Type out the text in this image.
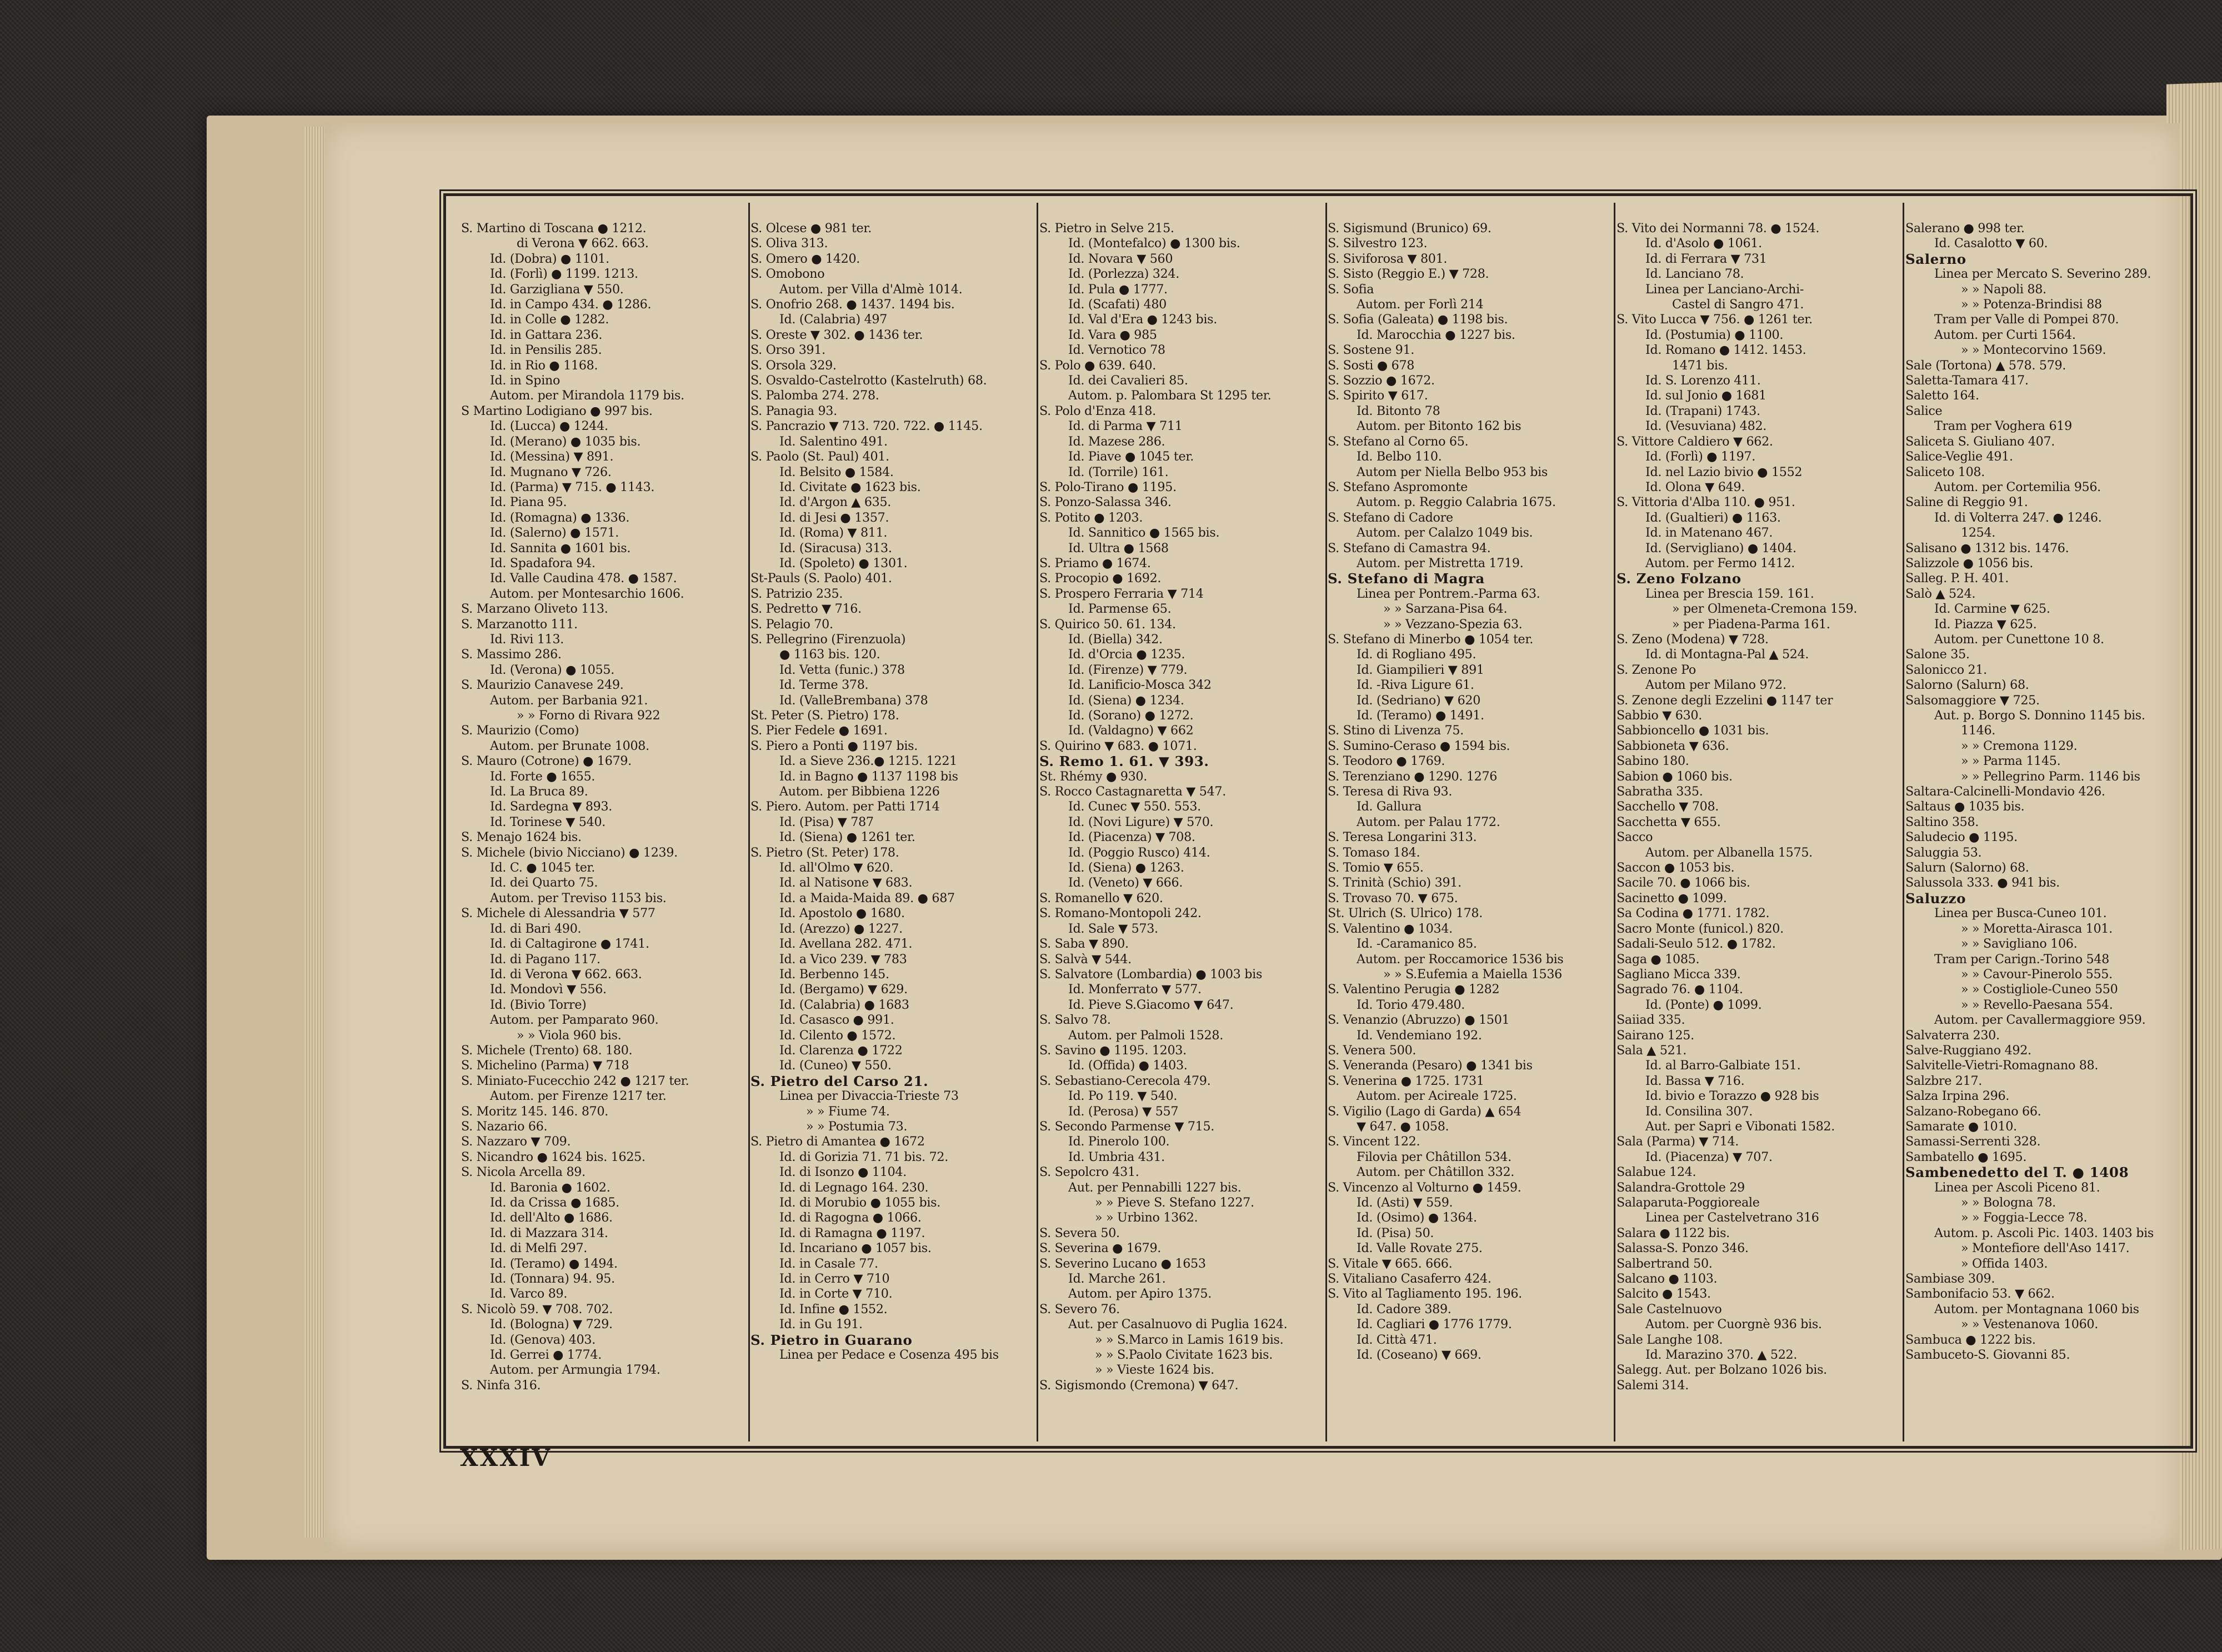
S. Martino di Toscana ● 1212.
di Verona ▼ 662. 663.
Id. (Dobra) ● 1101.
Id. (Forlì) ● 1199. 1213.
Id. Garzigliana ▼ 550.
Id. in Campo 434. ● 1286.
Id. in Colle ● 1282.
Id. in Gattara 236.
Id. in Pensilis 285.
Id. in Rio ● 1168.
Id. in Spino
Autom. per Mirandola 1179 bis.
S Martino Lodigiano ● 997 bis.
Id. (Lucca) ● 1244.
Id. (Merano) ● 1035 bis.
Id. (Messina) ▼ 891.
Id. Mugnano ▼ 726.
Id. (Parma) ▼ 715. ● 1143.
Id. Piana 95.
Id. (Romagna) ● 1336.
Id. (Salerno) ● 1571.
Id. Sannita ● 1601 bis.
Id. Spadafora 94.
Id. Valle Caudina 478. ● 1587.
Autom. per Montesarchio 1606.
S. Marzano Oliveto 113.
S. Marzanotto 111.
Id. Rivi 113.
S. Massimo 286.
Id. (Verona) ● 1055.
S. Maurizio Canavese 249.
Autom. per Barbania 921.
» » Forno di Rivara 922
S. Maurizio (Como)
Autom. per Brunate 1008.
S. Mauro (Cotrone) ● 1679.
Id. Forte ● 1655.
Id. La Bruca 89.
Id. Sardegna ▼ 893.
Id. Torinese ▼ 540.
S. Menajo 1624 bis.
S. Michele (bivio Nicciano) ● 1239.
Id. C. ● 1045 ter.
Id. dei Quarto 75.
Autom. per Treviso 1153 bis.
S. Michele di Alessandria ▼ 577
Id. di Bari 490.
Id. di Caltagirone ● 1741.
Id. di Pagano 117.
Id. di Verona ▼ 662. 663.
Id. Mondovì ▼ 556.
Id. (Bivio Torre)
Autom. per Pamparato 960.
» » Viola 960 bis.
S. Michele (Trento) 68. 180.
S. Michelino (Parma) ▼ 718
S. Miniato-Fucecchio 242 ● 1217 ter.
Autom. per Firenze 1217 ter.
S. Moritz 145. 146. 870.
S. Nazario 66.
S. Nazzaro ▼ 709.
S. Nicandro ● 1624 bis. 1625.
S. Nicola Arcella 89.
Id. Baronia ● 1602.
Id. da Crissa ● 1685.
Id. dell'Alto ● 1686.
Id. di Mazzara 314.
Id. di Melfi 297.
Id. (Teramo) ● 1494.
Id. (Tonnara) 94. 95.
Id. Varco 89.
S. Nicolò 59. ▼ 708. 702.
Id. (Bologna) ▼ 729.
Id. (Genova) 403.
Id. Gerrei ● 1774.
Autom. per Armungia 1794.
S. Ninfa 316.
S. Olcese ● 981 ter.
S. Oliva 313.
S. Omero ● 1420.
S. Omobono
Autom. per Villa d'Almè 1014.
S. Onofrio 268. ● 1437. 1494 bis.
Id. (Calabria) 497
S. Oreste ▼ 302. ● 1436 ter.
S. Orso 391.
S. Orsola 329.
S. Osvaldo-Castelrotto (Kastelruth) 68.
S. Palomba 274. 278.
S. Panagia 93.
S. Pancrazio ▼ 713. 720. 722. ● 1145.
Id. Salentino 491.
S. Paolo (St. Paul) 401.
Id. Belsito ● 1584.
Id. Civitate ● 1623 bis.
Id. d'Argon ▲ 635.
Id. di Jesi ● 1357.
Id. (Roma) ▼ 811.
Id. (Siracusa) 313.
Id. (Spoleto) ● 1301.
St-Pauls (S. Paolo) 401.
S. Patrizio 235.
S. Pedretto ▼ 716.
S. Pelagio 70.
S. Pellegrino (Firenzuola)
● 1163 bis. 120.
Id. Vetta (funic.) 378
Id. Terme 378.
Id. (ValleBrembana) 378
St. Peter (S. Pietro) 178.
S. Pier Fedele ● 1691.
S. Piero a Ponti ● 1197 bis.
Id. a Sieve 236.● 1215. 1221
Id. in Bagno ● 1137 1198 bis
Autom. per Bibbiena 1226
S. Piero. Autom. per Patti 1714
Id. (Pisa) ▼ 787
Id. (Siena) ● 1261 ter.
S. Pietro (St. Peter) 178.
Id. all'Olmo ▼ 620.
Id. al Natisone ▼ 683.
Id. a Maida-Maida 89. ● 687
Id. Apostolo ● 1680.
Id. (Arezzo) ● 1227.
Id. Avellana 282. 471.
Id. a Vico 239. ▼ 783
Id. Berbenno 145.
Id. (Bergamo) ▼ 629.
Id. (Calabria) ● 1683
Id. Casasco ● 991.
Id. Cilento ● 1572.
Id. Clarenza ● 1722
Id. (Cuneo) ▼ 550.
S. Pietro del Carso 21.
Linea per Divaccia-Trieste 73
» » Fiume 74.
» » Postumia 73.
S. Pietro di Amantea ● 1672
Id. di Gorizia 71. 71 bis. 72.
Id. di Isonzo ● 1104.
Id. di Legnago 164. 230.
Id. di Morubio ● 1055 bis.
Id. di Ragogna ● 1066.
Id. di Ramagna ● 1197.
Id. Incariano ● 1057 bis.
Id. in Casale 77.
Id. in Cerro ▼ 710
Id. in Corte ▼ 710.
Id. Infine ● 1552.
Id. in Gu 191.
S. Pietro in Guarano
Linea per Pedace e Cosenza 495 bis
S. Pietro in Selve 215.
Id. (Montefalco) ● 1300 bis.
Id. Novara ▼ 560
Id. (Porlezza) 324.
Id. Pula ● 1777.
Id. (Scafati) 480
Id. Val d'Era ● 1243 bis.
Id. Vara ● 985
Id. Vernotico 78
S. Polo ● 639. 640.
Id. dei Cavalieri 85.
Autom. p. Palombara St 1295 ter.
S. Polo d'Enza 418.
Id. di Parma ▼ 711
Id. Mazese 286.
Id. Piave ● 1045 ter.
Id. (Torrile) 161.
S. Polo-Tirano ● 1195.
S. Ponzo-Salassa 346.
S. Potito ● 1203.
Id. Sannitico ● 1565 bis.
Id. Ultra ● 1568
S. Priamo ● 1674.
S. Procopio ● 1692.
S. Prospero Ferraria ▼ 714
Id. Parmense 65.
S. Quirico 50. 61. 134.
Id. (Biella) 342.
Id. d'Orcia ● 1235.
Id. (Firenze) ▼ 779.
Id. Lanificio-Mosca 342
Id. (Siena) ● 1234.
Id. (Sorano) ● 1272.
Id. (Valdagno) ▼ 662
S. Quirino ▼ 683. ● 1071.
S. Remo 1. 61. ▼ 393.
St. Rhémy ● 930.
S. Rocco Castagnaretta ▼ 547.
Id. Cunec ▼ 550. 553.
Id. (Novi Ligure) ▼ 570.
Id. (Piacenza) ▼ 708.
Id. (Poggio Rusco) 414.
Id. (Siena) ● 1263.
Id. (Veneto) ▼ 666.
S. Romanello ▼ 620.
S. Romano-Montopoli 242.
Id. Sale ▼ 573.
S. Saba ▼ 890.
S. Salvà ▼ 544.
S. Salvatore (Lombardia) ● 1003 bis
Id. Monferrato ▼ 577.
Id. Pieve S.Giacomo ▼ 647.
S. Salvo 78.
Autom. per Palmoli 1528.
S. Savino ● 1195. 1203.
Id. (Offida) ● 1403.
S. Sebastiano-Cerecola 479.
Id. Po 119. ▼ 540.
Id. (Perosa) ▼ 557
S. Secondo Parmense ▼ 715.
Id. Pinerolo 100.
Id. Umbria 431.
S. Sepolcro 431.
Aut. per Pennabilli 1227 bis.
» » Pieve S. Stefano 1227.
» » Urbino 1362.
S. Severa 50.
S. Severina ● 1679.
S. Severino Lucano ● 1653
Id. Marche 261.
Autom. per Apiro 1375.
S. Severo 76.
Aut. per Casalnuovo di Puglia 1624.
» » S.Marco in Lamis 1619 bis.
» » S.Paolo Civitate 1623 bis.
» » Vieste 1624 bis.
S. Sigismondo (Cremona) ▼ 647.
S. Sigismund (Brunico) 69.
S. Silvestro 123.
S. Siviforosa ▼ 801.
S. Sisto (Reggio E.) ▼ 728.
S. Sofia
Autom. per Forlì 214
S. Sofia (Galeata) ● 1198 bis.
Id. Marocchia ● 1227 bis.
S. Sostene 91.
S. Sosti ● 678
S. Sozzio ● 1672.
S. Spirito ▼ 617.
Id. Bitonto 78
Autom. per Bitonto 162 bis
S. Stefano al Corno 65.
Id. Belbo 110.
Autom per Niella Belbo 953 bis
S. Stefano Aspromonte
Autom. p. Reggio Calabria 1675.
S. Stefano di Cadore
Autom. per Calalzo 1049 bis.
S. Stefano di Camastra 94.
Autom. per Mistretta 1719.
S. Stefano di Magra
Linea per Pontrem.-Parma 63.
» » Sarzana-Pisa 64.
» » Vezzano-Spezia 63.
S. Stefano di Minerbo ● 1054 ter.
Id. di Rogliano 495.
Id. Giampilieri ▼ 891
Id. -Riva Ligure 61.
Id. (Sedriano) ▼ 620
Id. (Teramo) ● 1491.
S. Stino di Livenza 75.
S. Sumino-Ceraso ● 1594 bis.
S. Teodoro ● 1769.
S. Terenziano ● 1290. 1276
S. Teresa di Riva 93.
Id. Gallura
Autom. per Palau 1772.
S. Teresa Longarini 313.
S. Tomaso 184.
S. Tomio ▼ 655.
S. Trinità (Schio) 391.
S. Trovaso 70. ▼ 675.
St. Ulrich (S. Ulrico) 178.
S. Valentino ● 1034.
Id. -Caramanico 85.
Autom. per Roccamorice 1536 bis
» » S.Eufemia a Maiella 1536
S. Valentino Perugia ● 1282
Id. Torio 479.480.
S. Venanzio (Abruzzo) ● 1501
Id. Vendemiano 192.
S. Venera 500.
S. Veneranda (Pesaro) ● 1341 bis
S. Venerina ● 1725. 1731
Autom. per Acireale 1725.
S. Vigilio (Lago di Garda) ▲ 654
▼ 647. ● 1058.
S. Vincent 122.
Filovia per Châtillon 534.
Autom. per Châtillon 332.
S. Vincenzo al Volturno ● 1459.
Id. (Asti) ▼ 559.
Id. (Osimo) ● 1364.
Id. (Pisa) 50.
Id. Valle Rovate 275.
S. Vitale ▼ 665. 666.
S. Vitaliano Casaferro 424.
S. Vito al Tagliamento 195. 196.
Id. Cadore 389.
Id. Cagliari ● 1776 1779.
Id. Città 471.
Id. (Coseano) ▼ 669.
S. Vito dei Normanni 78. ● 1524.
Id. d'Asolo ● 1061.
Id. di Ferrara ▼ 731
Id. Lanciano 78.
Linea per Lanciano-Archi-
Castel di Sangro 471.
S. Vito Lucca ▼ 756. ● 1261 ter.
Id. (Postumia) ● 1100.
Id. Romano ● 1412. 1453.
1471 bis.
Id. S. Lorenzo 411.
Id. sul Jonio ● 1681
Id. (Trapani) 1743.
Id. (Vesuviana) 482.
S. Vittore Caldiero ▼ 662.
Id. (Forlì) ● 1197.
Id. nel Lazio bivio ● 1552
Id. Olona ▼ 649.
S. Vittoria d'Alba 110. ● 951.
Id. (Gualtieri) ● 1163.
Id. in Matenano 467.
Id. (Servigliano) ● 1404.
Autom. per Fermo 1412.
S. Zeno Folzano
Linea per Brescia 159. 161.
» per Olmeneta-Cremona 159.
» per Piadena-Parma 161.
S. Zeno (Modena) ▼ 728.
Id. di Montagna-Pal ▲ 524.
S. Zenone Po
Autom per Milano 972.
S. Zenone degli Ezzelini ● 1147 ter
Sabbio ▼ 630.
Sabbioncello ● 1031 bis.
Sabbioneta ▼ 636.
Sabino 180.
Sabion ● 1060 bis.
Sabratha 335.
Sacchello ▼ 708.
Sacchetta ▼ 655.
Sacco
Autom. per Albanella 1575.
Saccon ● 1053 bis.
Sacile 70. ● 1066 bis.
Sacinetto ● 1099.
Sa Codina ● 1771. 1782.
Sacro Monte (funicol.) 820.
Sadali-Seulo 512. ● 1782.
Saga ● 1085.
Sagliano Micca 339.
Sagrado 76. ● 1104.
Id. (Ponte) ● 1099.
Saiiad 335.
Sairano 125.
Sala ▲ 521.
Id. al Barro-Galbiate 151.
Id. Bassa ▼ 716.
Id. bivio e Torazzo ● 928 bis
Id. Consilina 307.
Aut. per Sapri e Vibonati 1582.
Sala (Parma) ▼ 714.
Id. (Piacenza) ▼ 707.
Salabue 124.
Salandra-Grottole 29
Salaparuta-Poggioreale
Linea per Castelvetrano 316
Salara ● 1122 bis.
Salassa-S. Ponzo 346.
Salbertrand 50.
Salcano ● 1103.
Salcito ● 1543.
Sale Castelnuovo
Autom. per Cuorgnè 936 bis.
Sale Langhe 108.
Id. Marazino 370. ▲ 522.
Salegg. Aut. per Bolzano 1026 bis.
Salemi 314.
Salerano ● 998 ter.
Id. Casalotto ▼ 60.
Salerno
Linea per Mercato S. Severino 289.
» » Napoli 88.
» » Potenza-Brindisi 88
Tram per Valle di Pompei 870.
Autom. per Curti 1564.
» » Montecorvino 1569.
Sale (Tortona) ▲ 578. 579.
Saletta-Tamara 417.
Saletto 164.
Salice
Tram per Voghera 619
Saliceta S. Giuliano 407.
Salice-Veglie 491.
Saliceto 108.
Autom. per Cortemilia 956.
Saline di Reggio 91.
Id. di Volterra 247. ● 1246.
1254.
Salisano ● 1312 bis. 1476.
Salizzole ● 1056 bis.
Salleg. P. H. 401.
Salò ▲ 524.
Id. Carmine ▼ 625.
Id. Piazza ▼ 625.
Autom. per Cunettone 10 8.
Salone 35.
Salonicco 21.
Salorno (Salurn) 68.
Salsomaggiore ▼ 725.
Aut. p. Borgo S. Donnino 1145 bis.
1146.
» » Cremona 1129.
» » Parma 1145.
» » Pellegrino Parm. 1146 bis
Saltara-Calcinelli-Mondavio 426.
Saltaus ● 1035 bis.
Saltino 358.
Saludecio ● 1195.
Saluggia 53.
Salurn (Salorno) 68.
Salussola 333. ● 941 bis.
Saluzzo
Linea per Busca-Cuneo 101.
» » Moretta-Airasca 101.
» » Savigliano 106.
Tram per Carign.-Torino 548
» » Cavour-Pinerolo 555.
» » Costigliole-Cuneo 550
» » Revello-Paesana 554.
Autom. per Cavallermaggiore 959.
Salvaterra 230.
Salve-Ruggiano 492.
Salvitelle-Vietri-Romagnano 88.
Salzbre 217.
Salza Irpina 296.
Salzano-Robegano 66.
Samarate ● 1010.
Samassi-Serrenti 328.
Sambatello ● 1695.
Sambenedetto del T. ● 1408
Linea per Ascoli Piceno 81.
» » Bologna 78.
» » Foggia-Lecce 78.
Autom. p. Ascoli Pic. 1403. 1403 bis
» Montefiore dell'Aso 1417.
» Offida 1403.
Sambiase 309.
Sambonifacio 53. ▼ 662.
Autom. per Montagnana 1060 bis
» » Vestenanova 1060.
Sambuca ● 1222 bis.
Sambuceto-S. Giovanni 85.
XXXIV
